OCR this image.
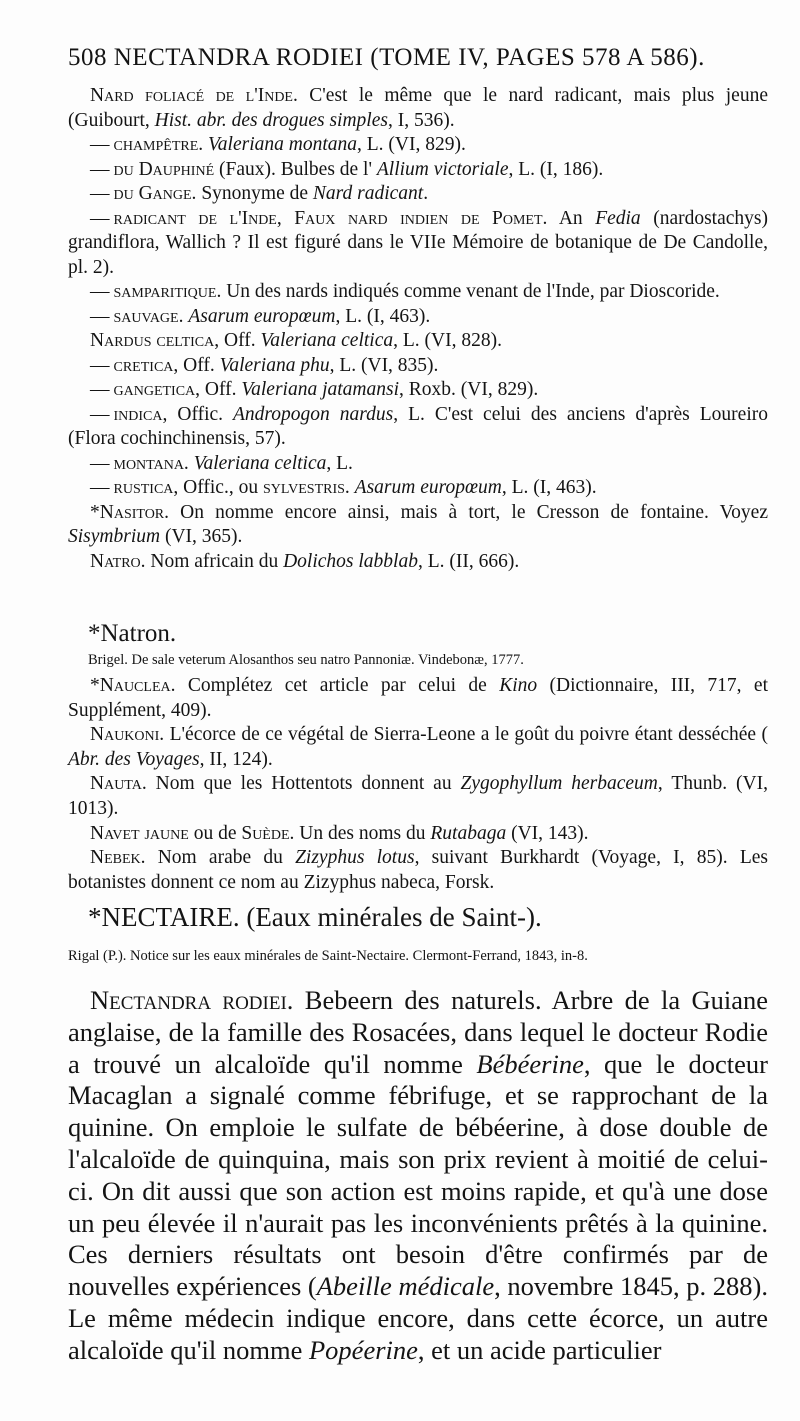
508 NECTANDRA RODIEI (TOME IV, PAGES 578 A 586).
Nard foliacé de l'Inde. C'est le même que le nard radicant, mais plus jeune (Guibourt, Hist. abr. des drogues simples, I, 536).
— champêtre. Valeriana montana, L. (VI, 829).
— du Dauphiné (Faux). Bulbes de l' Allium victoriale, L. (I, 186).
— du Gange. Synonyme de Nard radicant.
— radicant de l'Inde, Faux nard indien de Pomet. An Fedia (nardostachys) grandiflora, Wallich ? Il est figuré dans le VIIe Mémoire de botanique de De Candolle, pl. 2).
— samparitique. Un des nards indiqués comme venant de l'Inde, par Dioscoride.
— sauvage. Asarum europœum, L. (I, 463).
Nardus celtica, Off. Valeriana celtica, L. (VI, 828).
— cretica, Off. Valeriana phu, L. (VI, 835).
— gangetica, Off. Valeriana jatamansi, Roxb. (VI, 829).
— indica, Offic. Andropogon nardus, L. C'est celui des anciens d'après Loureiro (Flora cochinchinensis, 57).
— montana. Valeriana celtica, L.
— rustica, Offic., ou sylvestris. Asarum europœum, L. (I, 463).
*Nasitor. On nomme encore ainsi, mais à tort, le Cresson de fontaine. Voyez Sisymbrium (VI, 365).
Natro. Nom africain du Dolichos labblab, L. (II, 666).
*Natron.
Brigel. De sale veterum Alosanthos seu natro Pannoniæ. Vindebonæ, 1777.
*Nauclea. Complétez cet article par celui de Kino (Dictionnaire, III, 717, et Supplément, 409).
Naukoni. L'écorce de ce végétal de Sierra-Leone a le goût du poivre étant desséchée ( Abr. des Voyages, II, 124).
Nauta. Nom que les Hottentots donnent au Zygophyllum herbaceum, Thunb. (VI, 1013).
Navet jaune ou de Suède. Un des noms du Rutabaga (VI, 143).
Nebek. Nom arabe du Zizyphus lotus, suivant Burkhardt (Voyage, I, 85). Les botanistes donnent ce nom au Zizyphus nabeca, Forsk.
*NECTAIRE. (Eaux minérales de Saint-).
Rigal (P.). Notice sur les eaux minérales de Saint-Nectaire. Clermont-Ferrand, 1843, in-8.
Nectandra rodiei. Bebeern des naturels. Arbre de la Guiane anglaise, de la famille des Rosacées, dans lequel le docteur Rodie a trouvé un alcaloïde qu'il nomme Bébéerine, que le docteur Macaglan a signalé comme fébrifuge, et se rapprochant de la quinine. On emploie le sulfate de bébéerine, à dose double de l'alcaloïde de quinquina, mais son prix revient à moitié de celui-ci. On dit aussi que son action est moins rapide, et qu'à une dose un peu élevée il n'aurait pas les inconvénients prêtés à la quinine. Ces derniers résultats ont besoin d'être confirmés par de nouvelles expériences (Abeille médicale, novembre 1845, p. 288). Le même médecin indique encore, dans cette écorce, un autre alcaloïde qu'il nomme Popéerine, et un acide particulier
